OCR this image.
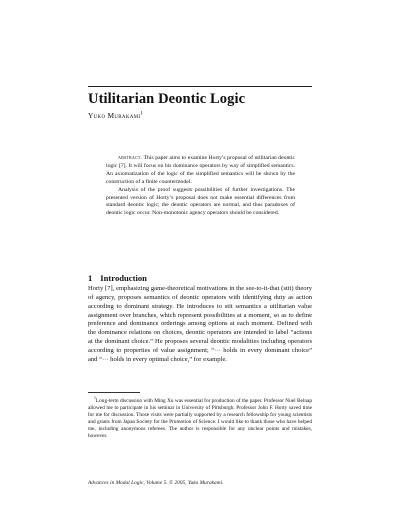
Utilitarian Deontic Logic
Yuko Murakami$^1$

abstract. This paper aims to examine Horty’s proposal of utilitarian deontic logic [7]. It will focus on his dominance operators by way of simplified semantics. An axiomatization of the logic of the simplified semantics will be shown by the construction of a finite countermodel.

Analysis of the proof suggests possibilities of further investigations. The presented version of Horty’s proposal does not make essential differences from standard deontic logic; the deontic operators are normal, and thus paradoxes of deontic logic occur. Non-monotonic agency operators should be considered.

1 Introduction

Horty [7], emphasizing game-theoretical motivations in the see-to-it-that (stit) theory of agency, proposes semantics of deontic operators with identifying duty as action according to dominant strategy. He introduces to stit semantics a utilitarian value assignment over branches, which represent possibilities at a moment, so as to define preference and dominance orderings among options at each moment. Defined with the dominance relations on choices, deontic operators are intended to label “actions at the dominant choice.” He proposes several deontic modalities including operators according to properties of value assignment; “··· holds in every dominant choice” and “··· holds in every optimal choice,” for example.

$^1$Long-term discussion with Ming Xu was essential for production of the paper. Professor Nuel Belnap allowed me to participate in his seminar in University of Pittsburgh. Professor John F. Horty saved time for me for discussion. Those visits were partially supported by a research fellowship for young scientists and grants from Japan Society for the Promotion of Science. I would like to thank those who have helped me, including anonymous referees. The author is responsible for any unclear points and mistakes, however.

Advances in Modal Logic, Volume 5. © 2005, Yuko Murakami.
